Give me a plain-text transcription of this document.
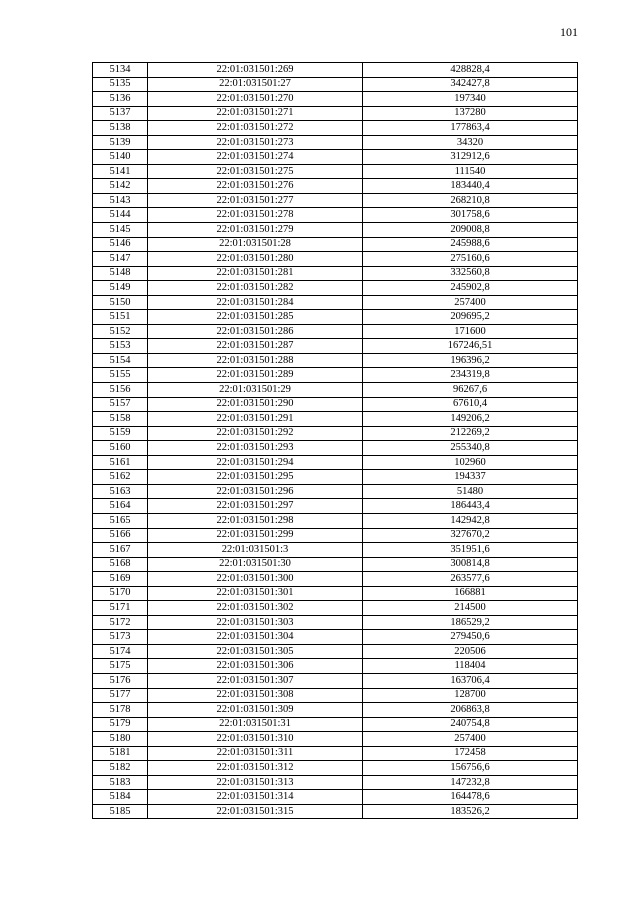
101
5134	22:01:031501:269	428828,4
5135	22:01:031501:27	342427,8
5136	22:01:031501:270	197340
5137	22:01:031501:271	137280
5138	22:01:031501:272	177863,4
5139	22:01:031501:273	34320
5140	22:01:031501:274	312912,6
5141	22:01:031501:275	111540
5142	22:01:031501:276	183440,4
5143	22:01:031501:277	268210,8
5144	22:01:031501:278	301758,6
5145	22:01:031501:279	209008,8
5146	22:01:031501:28	245988,6
5147	22:01:031501:280	275160,6
5148	22:01:031501:281	332560,8
5149	22:01:031501:282	245902,8
5150	22:01:031501:284	257400
5151	22:01:031501:285	209695,2
5152	22:01:031501:286	171600
5153	22:01:031501:287	167246,51
5154	22:01:031501:288	196396,2
5155	22:01:031501:289	234319,8
5156	22:01:031501:29	96267,6
5157	22:01:031501:290	67610,4
5158	22:01:031501:291	149206,2
5159	22:01:031501:292	212269,2
5160	22:01:031501:293	255340,8
5161	22:01:031501:294	102960
5162	22:01:031501:295	194337
5163	22:01:031501:296	51480
5164	22:01:031501:297	186443,4
5165	22:01:031501:298	142942,8
5166	22:01:031501:299	327670,2
5167	22:01:031501:3	351951,6
5168	22:01:031501:30	300814,8
5169	22:01:031501:300	263577,6
5170	22:01:031501:301	166881
5171	22:01:031501:302	214500
5172	22:01:031501:303	186529,2
5173	22:01:031501:304	279450,6
5174	22:01:031501:305	220506
5175	22:01:031501:306	118404
5176	22:01:031501:307	163706,4
5177	22:01:031501:308	128700
5178	22:01:031501:309	206863,8
5179	22:01:031501:31	240754,8
5180	22:01:031501:310	257400
5181	22:01:031501:311	172458
5182	22:01:031501:312	156756,6
5183	22:01:031501:313	147232,8
5184	22:01:031501:314	164478,6
5185	22:01:031501:315	183526,2
